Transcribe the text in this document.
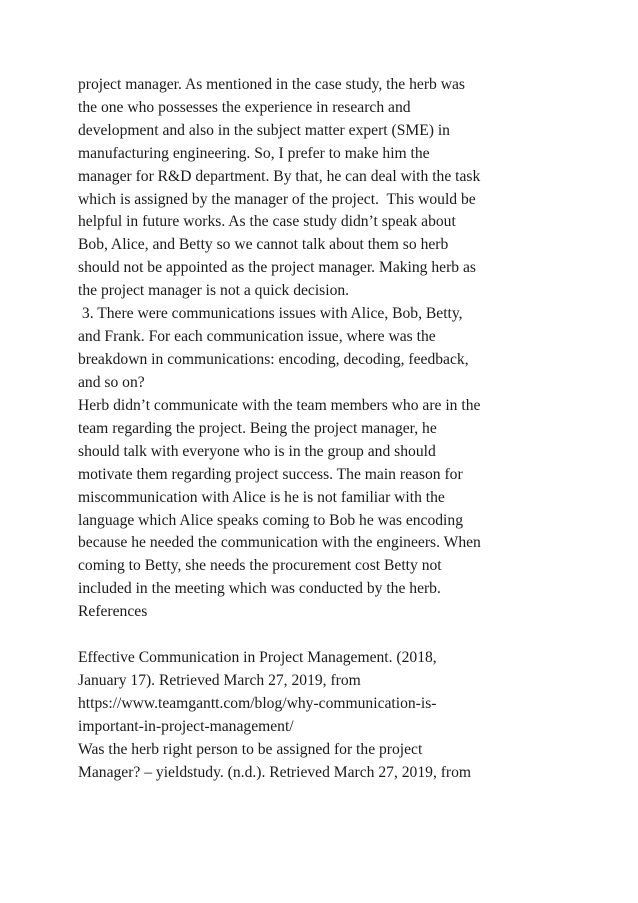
project manager. As mentioned in the case study, the herb was
the one who possesses the experience in research and
development and also in the subject matter expert (SME) in
manufacturing engineering. So, I prefer to make him the
manager for R&D department. By that, he can deal with the task
which is assigned by the manager of the project.  This would be
helpful in future works. As the case study didn’t speak about
Bob, Alice, and Betty so we cannot talk about them so herb
should not be appointed as the project manager. Making herb as
the project manager is not a quick decision.

3. There were communications issues with Alice, Bob, Betty,
and Frank. For each communication issue, where was the
breakdown in communications: encoding, decoding, feedback,
and so on?

Herb didn’t communicate with the team members who are in the
team regarding the project. Being the project manager, he
should talk with everyone who is in the group and should
motivate them regarding project success. The main reason for
miscommunication with Alice is he is not familiar with the
language which Alice speaks coming to Bob he was encoding
because he needed the communication with the engineers. When
coming to Betty, she needs the procurement cost Betty not
included in the meeting which was conducted by the herb.

References

Effective Communication in Project Management. (2018,
January 17). Retrieved March 27, 2019, from
https://www.teamgantt.com/blog/why-communication-is-
important-in-project-management/

Was the herb right person to be assigned for the project
Manager? – yieldstudy. (n.d.). Retrieved March 27, 2019, from
